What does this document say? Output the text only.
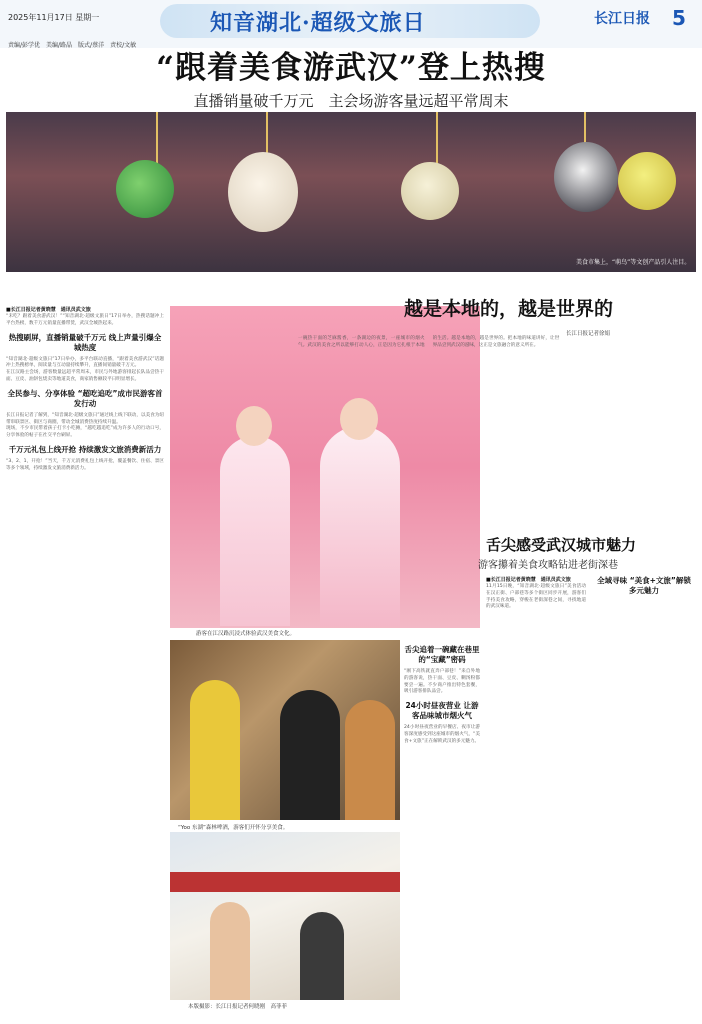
2025年11月17日 星期一	知音湖北·超级文旅日	长江日报 5
责编/彭学优　美编/路晶　版式/蔡洋　责校/文敏
“跟着美食游武汉”登上热搜
直播销量破千万元　主会场游客量远超平常周末
美食市集上，“萌鸟”等文创产品引人注目。
■长江日报记者黄晓慧　通讯员武文旅
“未吃？跟着美食游武汉！”“知音湖北·超级文旅日”17日举办，热搜话题冲上平台热榜，数千万元销量直播带货，武汉全城热起来。
热搜刷屏，直播销量破千万元 线上声量引爆全城热度
“知音湖北·超级文旅日”17日举办，多平台联动直播，“跟着美食游武汉”话题冲上热搜榜单，阅读量与互动量持续攀升，直播间销量破千万元。
在江汉路主会场，游客数量远超平常周末，市民与外地游客排起长队品尝热干面、豆皮、油饼包烧卖等地道美食，商家销售额较平日明显增长。
全民参与、分享体验 “超吃追吃”成市民游客首发行动
长江日报记者了解到，“知音湖北·超级文旅日”通过线上线下联动，以美食为纽带串联景区、街区与商圈，带动全城消费热度持续升温。
现场，不少市民带着孩子打卡小吃摊，“越吃越追吃”成为许多人的行动口号，分享体验的帖子在社交平台刷屏。
千万元礼包上线开抢 持续激发文旅消费新活力
“3、2、1，开抢！”当天，千万元消费礼包上线开抢，覆盖餐饮、住宿、景区等多个领域，持续激发文旅消费新活力。
游客在江汉路沉浸式体验武汉美食文化。
“Yoo 东湖”森林啤酒，游客们开怀分享美食。
本版摄影：长江日报记者何晓刚　高菲菲
舌尖追着一碗藏在巷里的“宝藏”密码
“刚下高铁就直奔户部巷！”来自外地的游客说，热干面、豆皮、糊汤粉都要尝一遍。不少商户推出特色套餐，吸引游客排队品尝。
24小时昼夜营业 让游客品味城市烟火气
24小时昼夜营业的早餐店、夜市让游客深度感受到这座城市的烟火气，“美食+文旅”正在解锁武汉的多元魅力。
越是本地的，越是世界的
长江日报记者徐娟
一碗热干面的芝麻酱香，一条湖边的夜景，一座城市的烟火气。武汉的美食之所以能够打动人心，正是因为它扎根于本地的生活。越是本地的，越是世界的。把本地的味道讲好，让世界品尝到武汉的滋味，这正是文旅融合的意义所在。
舌尖感受武汉城市魅力
游客攥着美食攻略钻进老街深巷
■长江日报记者黄晓慧　通讯员武文旅
11月15日晚，“知音湖北·超级文旅日”美食活动在汉正街、户部巷等多个街区同步开展，游客们手持美食攻略，穿梭在老街深巷之间，寻找地道的武汉味道。
全域寻味 “美食+文旅”解锁多元魅力
